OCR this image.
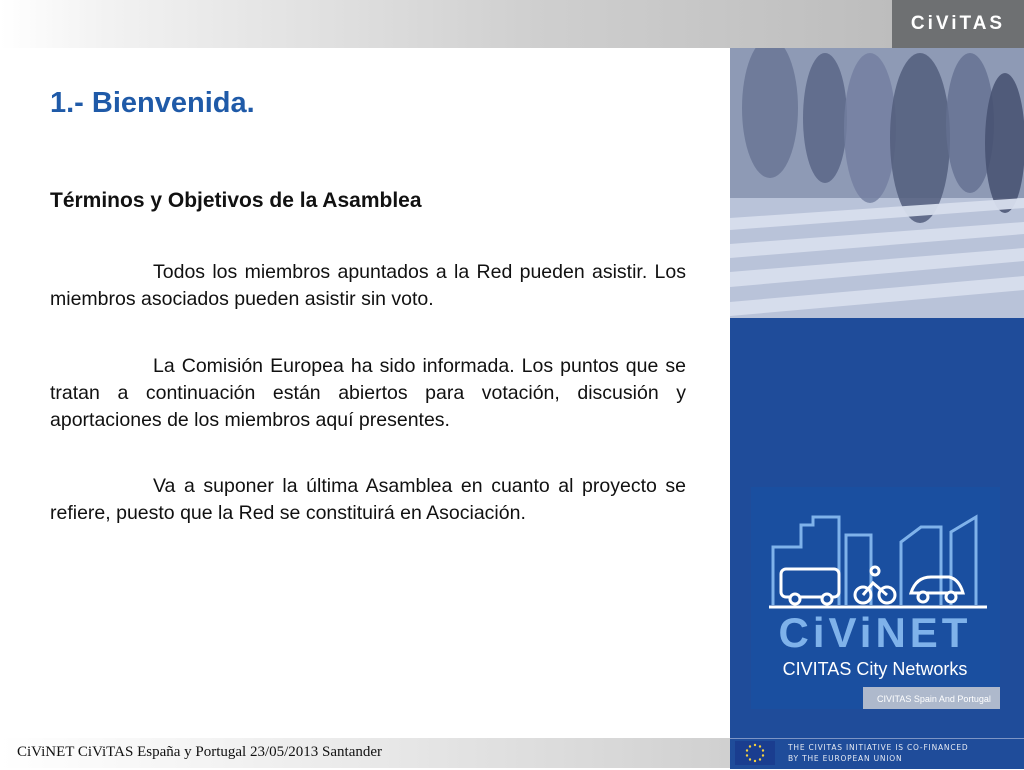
CiViTAS
CiViNET
CIVITAS City Networks
CIVITAS Spain And Portugal
1.- Bienvenida.
Términos y Objetivos de la Asamblea

Todos los miembros apuntados a la Red pueden asistir. Los miembros asociados pueden asistir sin voto.

La Comisión Europea ha sido informada. Los puntos que se tratan a continuación están abiertos para votación, discusión y aportaciones de los miembros aquí presentes.

Va a suponer la última Asamblea en cuanto al proyecto se refiere, puesto que la Red se constituirá en Asociación.

CiViNET CiViTAS España y Portugal 23/05/2013 Santander	THE CIVITAS INITIATIVE IS CO-FINANCED
BY THE EUROPEAN UNION
